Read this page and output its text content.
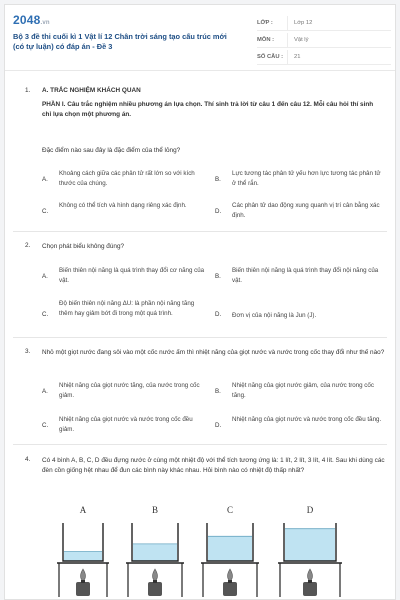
2048.vn
Bộ 3 đề thi cuối kì 1 Vật lí 12 Chân trời sáng tạo cấu trúc mới (có tự luận) có đáp án - Đề 3
LỚP :	Lớp 12
MÔN :	Vật lý
SỐ CÂU :	21
1. A. TRẮC NGHIỆM KHÁCH QUAN
PHẦN I. Câu trắc nghiệm nhiều phương án lựa chọn. Thí sinh trả lời từ câu 1 đến câu 12. Mỗi câu hỏi thí sinh chỉ lựa chọn một phương án.
Đặc điểm nào sau đây là đặc điểm của thể lỏng?
A.
Khoảng cách giữa các phân tử rất lớn so với kích thước của chúng.
B.
Lực tương tác phân tử yếu hơn lực tương tác phân tử ở thể rắn.
C.
Không có thể tích và hình dạng riêng xác định.
D.
Các phân tử dao động xung quanh vị trí cân bằng xác định.
2. Chọn phát biểu không đúng?
A.
Biến thiên nội năng là quá trình thay đổi cơ năng của vật.
B.
Biến thiên nội năng là quá trình thay đổi nội năng của vật.
C.
Độ biến thiên nội năng ΔU: là phần nội năng tăng thêm hay giảm bớt đi trong một quá trình.	D. Đơn vị của nội năng là Jun (J).
3. Nhỏ một giọt nước đang sôi vào một cốc nước ấm thì nhiệt năng của giọt nước và nước trong cốc thay đổi như thế nào?
A.
Nhiệt năng của giọt nước tăng, của nước trong cốc giảm.
B.
Nhiệt năng của giọt nước giảm, của nước trong cốc tăng.
C.
Nhiệt năng của giọt nước và nước trong cốc đều giảm.
D.
Nhiệt năng của giọt nước và nước trong cốc đều tăng.
4. Có 4 bình A, B, C, D đều đựng nước ở cùng một nhiệt độ với thể tích tương ứng là: 1 lít, 2 lít, 3 lít, 4 lít. Sau khi dùng các đèn cồn giống hệt nhau để đun các bình này khác nhau. Hỏi bình nào có nhiệt độ thấp nhất?
A	B	C	D
